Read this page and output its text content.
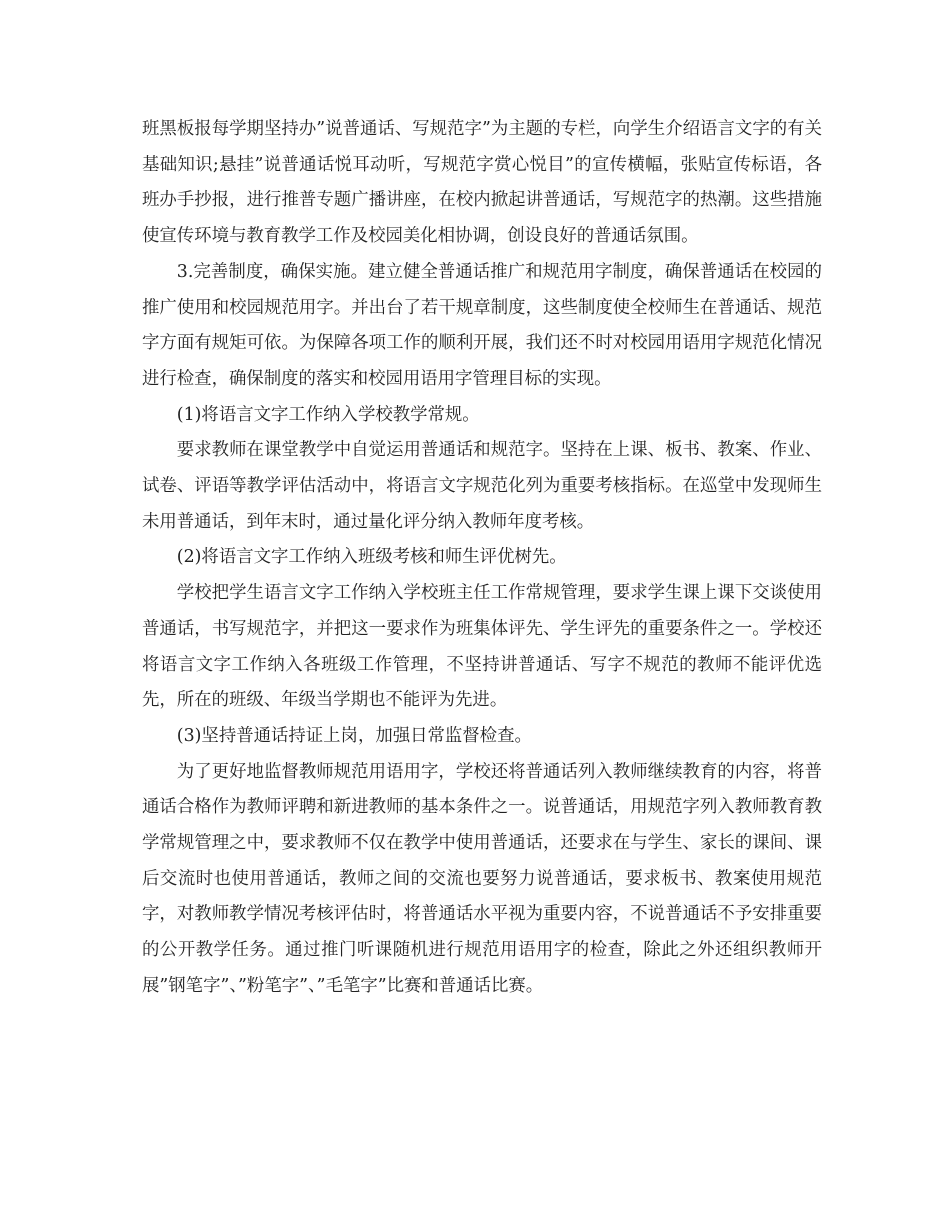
班黑板报每学期坚持办”说普通话、写规范字”为主题的专栏，向学生介绍语言文字的有关基础知识;悬挂”说普通话悦耳动听，写规范字赏心悦目”的宣传横幅，张贴宣传标语，各班办手抄报，进行推普专题广播讲座，在校内掀起讲普通话，写规范字的热潮。这些措施使宣传环境与教育教学工作及校园美化相协调，创设良好的普通话氛围。

3.完善制度，确保实施。建立健全普通话推广和规范用字制度，确保普通话在校园的推广使用和校园规范用字。并出台了若干规章制度，这些制度使全校师生在普通话、规范字方面有规矩可依。为保障各项工作的顺利开展，我们还不时对校园用语用字规范化情况进行检查，确保制度的落实和校园用语用字管理目标的实现。

(1)将语言文字工作纳入学校教学常规。

要求教师在课堂教学中自觉运用普通话和规范字。坚持在上课、板书、教案、作业、试卷、评语等教学评估活动中，将语言文字规范化列为重要考核指标。在巡堂中发现师生未用普通话，到年末时，通过量化评分纳入教师年度考核。

(2)将语言文字工作纳入班级考核和师生评优树先。

学校把学生语言文字工作纳入学校班主任工作常规管理，要求学生课上课下交谈使用普通话，书写规范字，并把这一要求作为班集体评先、学生评先的重要条件之一。学校还将语言文字工作纳入各班级工作管理，不坚持讲普通话、写字不规范的教师不能评优选先，所在的班级、年级当学期也不能评为先进。

(3)坚持普通话持证上岗，加强日常监督检查。

为了更好地监督教师规范用语用字，学校还将普通话列入教师继续教育的内容，将普通话合格作为教师评聘和新进教师的基本条件之一。说普通话，用规范字列入教师教育教学常规管理之中，要求教师不仅在教学中使用普通话，还要求在与学生、家长的课间、课后交流时也使用普通话，教师之间的交流也要努力说普通话，要求板书、教案使用规范字，对教师教学情况考核评估时，将普通话水平视为重要内容，不说普通话不予安排重要的公开教学任务。通过推门听课随机进行规范用语用字的检查，除此之外还组织教师开展”钢笔字”、”粉笔字”、”毛笔字”比赛和普通话比赛。
